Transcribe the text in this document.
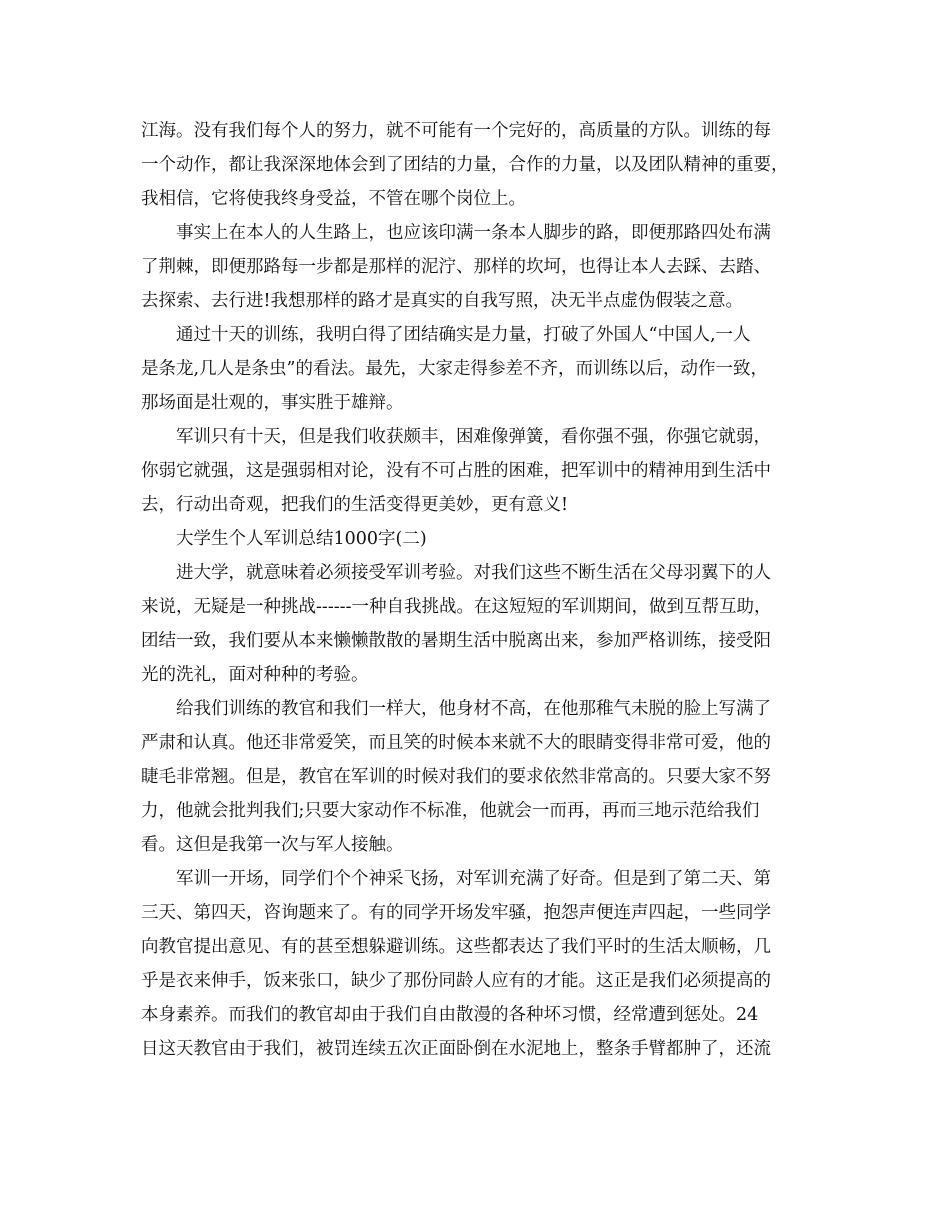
江海。没有我们每个人的努力，就不可能有一个完好的，高质量的方队。训练的每
一个动作，都让我深深地体会到了团结的力量，合作的力量，以及团队精神的重要，
我相信，它将使我终身受益，不管在哪个岗位上。
事实上在本人的人生路上，也应该印满一条本人脚步的路，即便那路四处布满
了荆棘，即便那路每一步都是那样的泥泞、那样的坎坷，也得让本人去踩、去踏、
去探索、去行进!我想那样的路才是真实的自我写照，决无半点虚伪假装之意。
通过十天的训练，我明白得了团结确实是力量，打破了外国人“中国人,一人
是条龙,几人是条虫”的看法。最先，大家走得参差不齐，而训练以后，动作一致，
那场面是壮观的，事实胜于雄辩。
军训只有十天，但是我们收获颇丰，困难像弹簧，看你强不强，你强它就弱，
你弱它就强，这是强弱相对论，没有不可占胜的困难，把军训中的精神用到生活中
去，行动出奇观，把我们的生活变得更美妙，更有意义!
大学生个人军训总结1000字(二)
进大学，就意味着必须接受军训考验。对我们这些不断生活在父母羽翼下的人
来说，无疑是一种挑战------一种自我挑战。在这短短的军训期间，做到互帮互助，
团结一致，我们要从本来懒懒散散的暑期生活中脱离出来，参加严格训练，接受阳
光的洗礼，面对种种的考验。
给我们训练的教官和我们一样大，他身材不高，在他那稚气未脱的脸上写满了
严肃和认真。他还非常爱笑，而且笑的时候本来就不大的眼睛变得非常可爱，他的
睫毛非常翘。但是，教官在军训的时候对我们的要求依然非常高的。只要大家不努
力，他就会批判我们;只要大家动作不标准，他就会一而再，再而三地示范给我们
看。这但是我第一次与军人接触。
军训一开场，同学们个个神采飞扬，对军训充满了好奇。但是到了第二天、第
三天、第四天，咨询题来了。有的同学开场发牢骚，抱怨声便连声四起，一些同学
向教官提出意见、有的甚至想躲避训练。这些都表达了我们平时的生活太顺畅，几
乎是衣来伸手，饭来张口，缺少了那份同龄人应有的才能。这正是我们必须提高的
本身素养。而我们的教官却由于我们自由散漫的各种坏习惯，经常遭到惩处。24
日这天教官由于我们，被罚连续五次正面卧倒在水泥地上，整条手臂都肿了，还流
